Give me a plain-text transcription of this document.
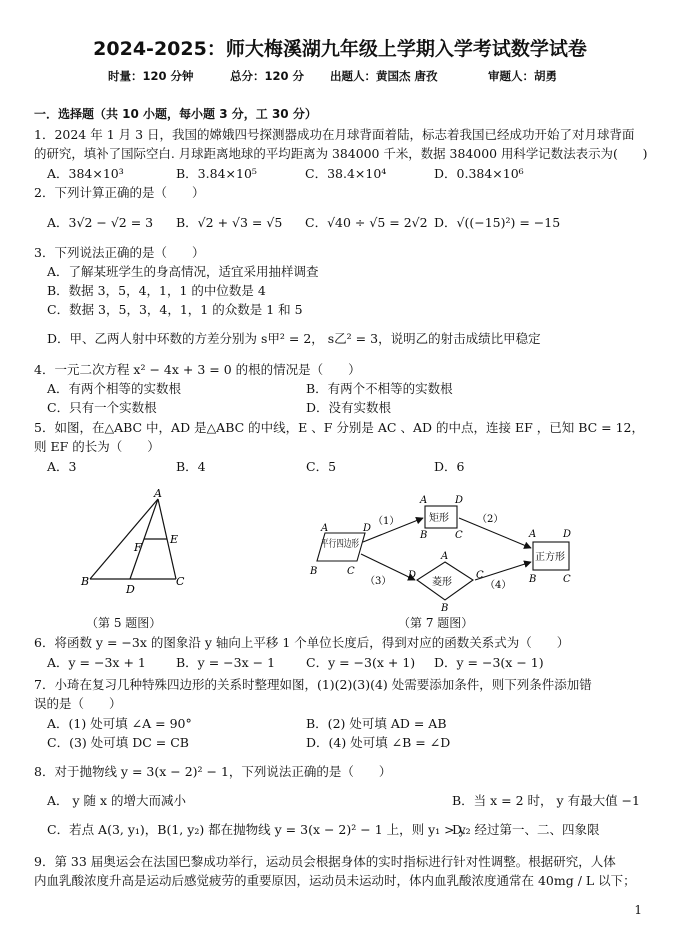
2024-2025：师大梅溪湖九年级上学期入学考试数学试卷
时量：120 分钟	总分：120 分 出题人：黄国杰 唐孜	审题人：胡勇
一．选择题（共 10 小题，每小题 3 分，工 30 分）
1．2024 年 1 月 3 日，我国的嫦娥四号探测器成功在月球背面着陆，标志着我国已经成功开始了对月球背面
的研究，填补了国际空白. 月球距离地球的平均距离为 384000 千米，数据 384000 用科学记数法表示为(　　)
A．384×10³	B．3.84×10⁵	C．38.4×10⁴	D．0.384×10⁶
2．下列计算正确的是（　　）
A．3√2 − √2 = 3 B．√2 + √3 = √5 C．√40 ÷ √5 = 2√2 D．√((−15)²) = −15
3．下列说法正确的是（　　）
A．了解某班学生的身高情况，适宜采用抽样调查
B．数据 3，5，4，1，1 的中位数是 4
C．数据 3，5，3，4，1，1 的众数是 1 和 5
D．甲、乙两人射中环数的方差分别为 s甲² = 2， s乙² = 3，说明乙的射击成绩比甲稳定
4．一元二次方程 x² − 4x + 3 = 0 的根的情况是（　　）
A．有两个相等的实数根	B．有两个不相等的实数根
C．只有一个实数根	D．没有实数根
5．如图，在△ABC 中，AD 是△ABC 的中线，E 、F 分别是 AC 、AD 的中点，连接 EF ，已知 BC = 12，
则 EF 的长为（　　）
A．3	B．4	C．5	D．6
A
B	C
D
E
F
（第 5 题图）
平行四边形
矩形
菱形
正方形
（1）	（2）
（3）	（4）
A	D
B	C
A	D
B	C
A
D	C
B
A	D
B	C
（第 7 题图）
6．将函数 y = −3x 的图象沿 y 轴向上平移 1 个单位长度后，得到对应的函数关系式为（　　）
A．y = −3x + 1 B．y = −3x − 1 C．y = −3(x + 1) D．y = −3(x − 1)
7．小琦在复习几种特殊四边形的关系时整理如图，(1)(2)(3)(4) 处需要添加条件，则下列条件添加错
误的是（　　）
A．(1) 处可填 ∠A = 90°	B．(2) 处可填 AD = AB
C．(3) 处可填 DC = CB	D．(4) 处可填 ∠B = ∠D
8．对于抛物线 y = 3(x − 2)² − 1，下列说法正确的是（　　）
A． y 随 x 的增大而减小	B．当 x = 2 时， y 有最大值 −1
C．若点 A(3, y₁)，B(1, y₂) 都在抛物线 y = 3(x − 2)² − 1 上，则 y₁ > y₂
D．经过第一、二、四象限
9．第 33 届奥运会在法国巴黎成功举行，运动员会根据身体的实时指标进行针对性调整。根据研究，人体
内血乳酸浓度升高是运动后感觉疲劳的重要原因，运动员未运动时，体内血乳酸浓度通常在 40mg / L 以下；
1
